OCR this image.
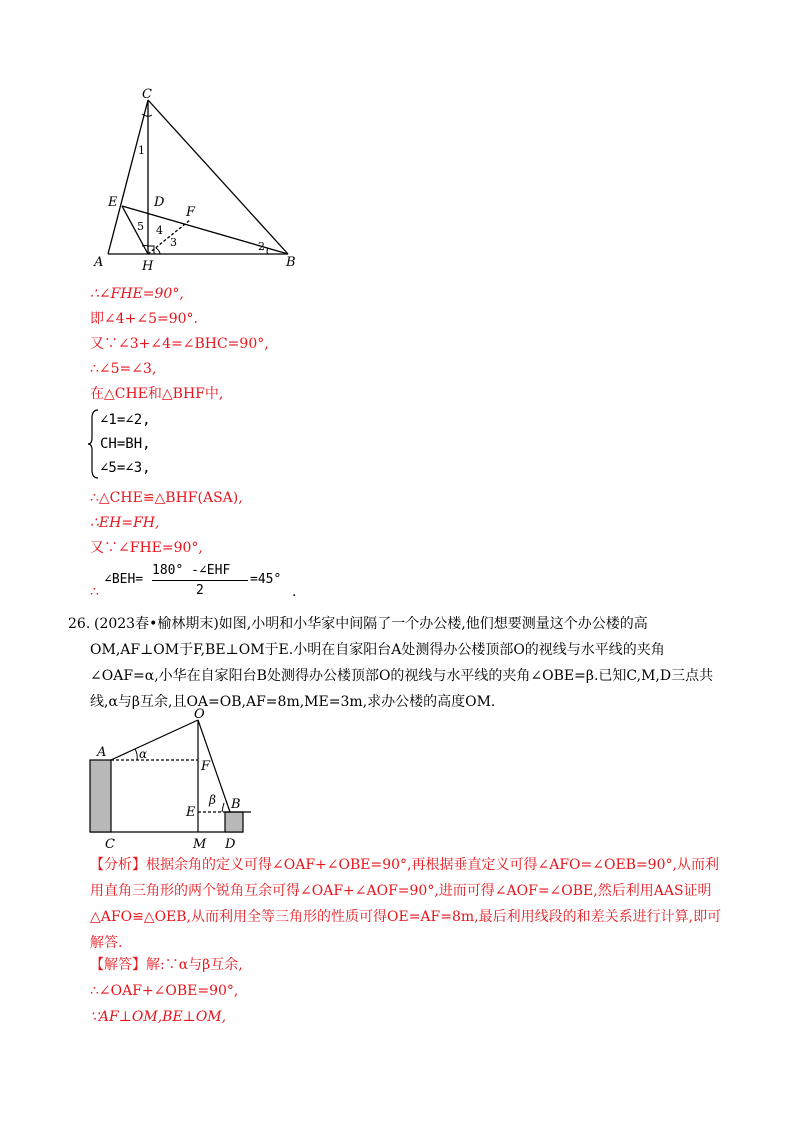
C
E	D
F
A	H	B
1
2
3
4
5
∴∠FHE=90°,
即∠4+∠5=90°.
又∵∠3+∠4=∠BHC=90°,
∴∠5=∠3,
在△CHE和△BHF中,
∠1=∠2,
CH=BH,
∠5=∠3,
∴△CHE≌△BHF(ASA),
∴EH=FH,
又∵∠FHE=90°,
∴
∠BEH=
180° -∠EHF
2
=45°
.
26. (2023春•榆林期末)如图,小明和小华家中间隔了一个办公楼,他们想要测量这个办公楼的高OM,AF⊥OM于F,BE⊥OM于E.小明在自家阳台A处测得办公楼顶部O的视线与水平线的夹角∠OAF=α,小华在自家阳台B处测得办公楼顶部O的视线与水平线的夹角∠OBE=β.已知C,M,D三点共线,α与β互余,且OA=OB,AF=8m,ME=3m,求办公楼的高度OM.
O
A	α
F
E
β B
C	M D
【分析】根据余角的定义可得∠OAF+∠OBE=90°,再根据垂直定义可得∠AFO=∠OEB=90°,从而利用直角三角形的两个锐角互余可得∠OAF+∠AOF=90°,进而可得∠AOF=∠OBE,然后利用AAS证明△AFO≌△OEB,从而利用全等三角形的性质可得OE=AF=8m,最后利用线段的和差关系进行计算,即可解答.
【解答】解:∵α与β互余,
∴∠OAF+∠OBE=90°,
∵AF⊥OM,BE⊥OM,
